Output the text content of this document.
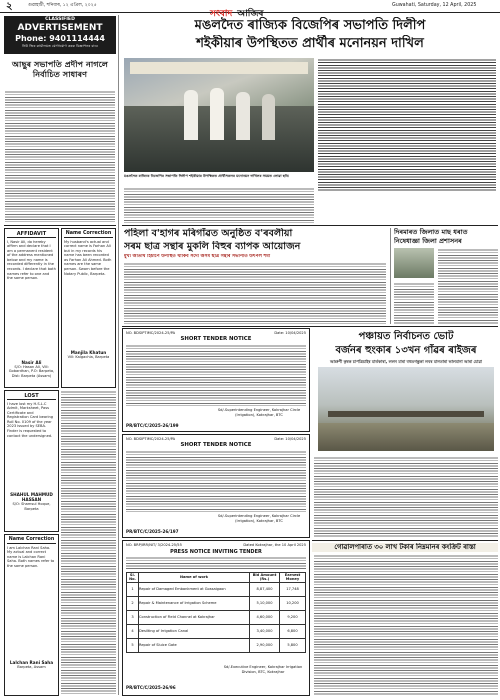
২	গুৱাহাটী, শনিবাৰ, ১২ এপ্ৰিল, ২০২৫
সংবাদ আজিৰ
Guwahati, Saturday, 12 April, 2025
CLASSIFIED
ADVERTISEMENT
Phone: 9401114444
নিউ জিৰ কাৰ্যালয়ত যোগাযোগ কৰক বিজ্ঞাপনৰ বাবে
আছুৰ সভাপতি প্ৰদীপ নাগলে নিৰ্বাচিত সাধাৰণ
AFFIDAVIT
I, Nasir Ali, do hereby affirm and declare that I am a permanent resident of the address mentioned below and my name is recorded differently in the records. I declare that both names refer to one and the same person.
Nasir Ali
S/O: Hasan Ali, Vill: Gobardhan, P.O: Barpeta, Dist: Barpeta (Assam)
Name Correction
My husband's actual and correct name is Farhan Ali but in my records his name has been recorded as Farhan Ali Ahmed. Both names are the same person. Sworn before the Notary Public, Barpeta.
Manjila Khatun
Vill: Kalgachia, Barpeta
LOST
I have lost my H.S.L.C Admit, Marksheet, Pass Certificate and Registration Card bearing Roll No. 0109 of the year 2023 issued by SEBA. Finder is requested to contact the undersigned.
SHAHUL MAHMUD HASSAN
S/O: Shamsul Hoque, Barpeta
Name Correction
I am Lalchan Rani Saha. My actual and correct name is Lalchan Rani Saha. Both names refer to the same person.
Lalchan Rani Saha
Barpeta, Assam
মঙলদৈত ৰাজ্যিক বিজেপিৰ সভাপতি দিলীপ
শইকীয়াৰ উপস্থিতত প্ৰাৰ্থীৰ মনোনয়ন দাখিল
মঙলদৈত ৰাজ্যিক বিজেপিৰ সভাপতি দিলীপ শইকীয়াৰ উপস্থিতত প্ৰাৰ্থীসকলৰ মনোনয়ন দাখিলৰ সময়ত লোৱা ছবি।
পহিলা ব'হাগৰ মৰিগাঁৱত অনুষ্ঠিত ব'ৰবলীয়া
সৰম ছাত্ৰ সন্থাৰ মুকলি বিহুৰ ব্যাপক আয়োজন
মুখ্য অতিথি হিচাপে উপস্থিত থাকিব সদৌ অসম ছাত্ৰ সন্থাৰ সভাপতি উৎপল শৰ্মা
দিৰমাৰত জিলাত মাছ ধৰাত
নিষেধাজ্ঞা জিলা প্ৰশাসনৰ
NO. BDSIPTIMC/2024-25/PA	Date: 10/04/2025
SHORT TENDER NOTICE
Sd/-Superintending Engineer, Kokrajhar Circle (Irrigation), Kokrajhar, BTC
PR/BTC/C/2025-26/199
NO. BDSIPTIMC/2024-25/PA	Date: 10/04/2025
SHORT TENDER NOTICE
Sd/-Superintending Engineer, Kokrajhar Circle (Irrigation), Kokrajhar, BTC
PR/BTC/C/2025-26/197
পঞ্চায়ত নিৰ্বাচনত ভোট
বৰ্জনৰ হুংকাৰ ১৩খন গাঁৱৰ ৰাইজৰ
আশ্ৰুণী কৃষক চাপত্ৰিচাইৰ মাৰ্তকাৰা, ললন মাৰা বহুতগন্তুকা লবৰ মানতাৰা ভালমানা আৰা চোৱা
গোৱালপাৰাত ৩০ লাখ টকাৰ নিম্নমানৰ কংক্ৰিট ৰাস্তা
NO. BRP/IRR/NIT/ 3/2024-25/55	Dated Kokrajhar, the 10 April 2025
PRESS NOTICE INVITING TENDER
Sl. No.	Name of work	Bid Amount (Rs.)	Earnest Money
1	Repair of Damaged Embankment at Gossaigaon	8,87,400	17,748
2	Repair & Maintenance of Irrigation Scheme	5,10,000	10,200
3	Construction of Field Channel at Kokrajhar	4,60,000	9,200
4	Desilting of Irrigation Canal	3,40,000	6,800
5	Repair of Sluice Gate	2,90,000	5,800
Sd/-Executive Engineer, Kokrajhar Irrigation Division, BTC, Kokrajhar
PR/BTC/C/2025-26/96
